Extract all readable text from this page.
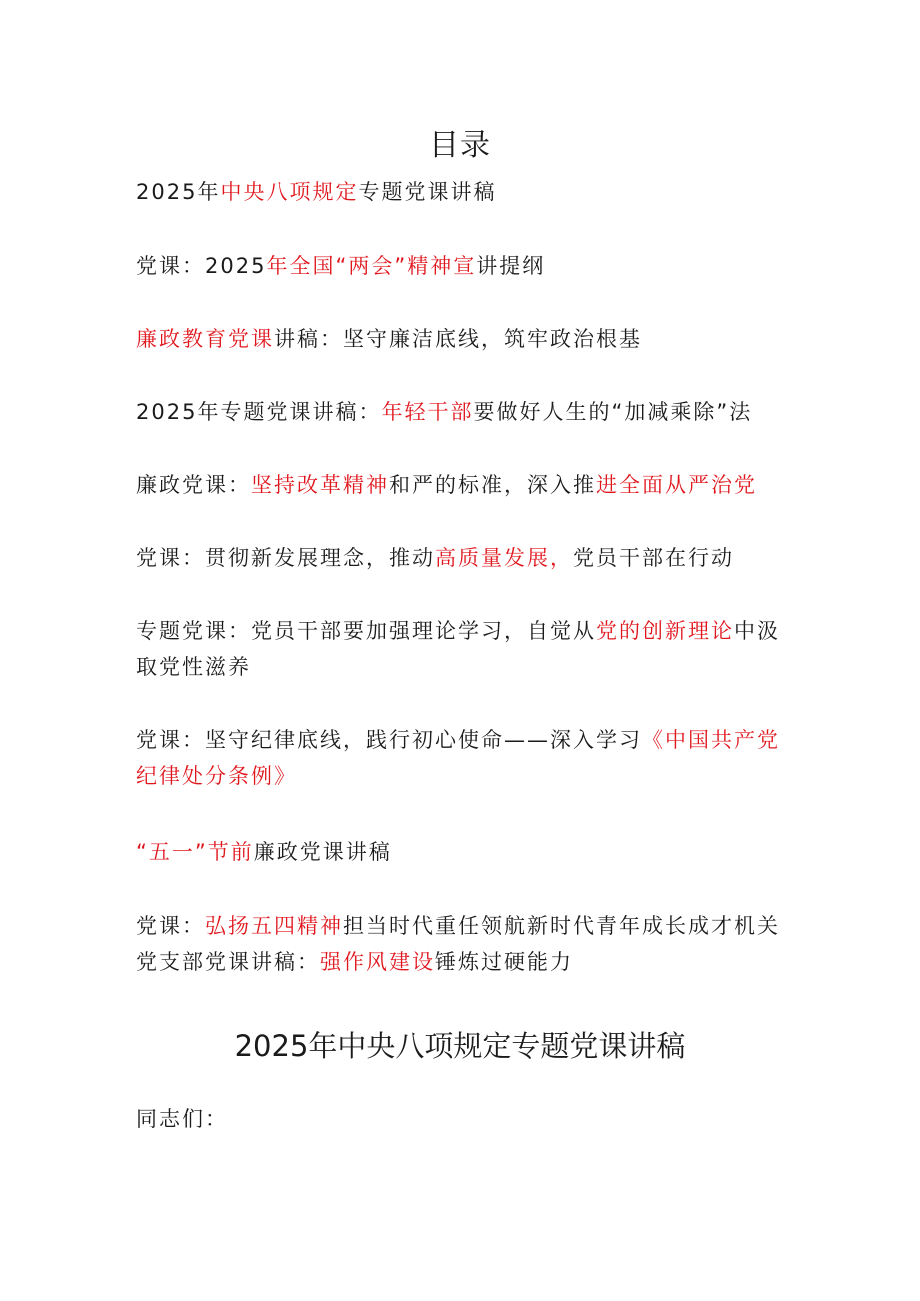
目录
2025年中央八项规定专题党课讲稿
党课：2025年全国“两会”精神宣讲提纲
廉政教育党课讲稿：坚守廉洁底线，筑牢政治根基
2025年专题党课讲稿：年轻干部要做好人生的“加减乘除”法
廉政党课：坚持改革精神和严的标准，深入推进全面从严治党
党课：贯彻新发展理念，推动高质量发展，党员干部在行动
专题党课：党员干部要加强理论学习，自觉从党的创新理论中汲取党性滋养
党课：坚守纪律底线，践行初心使命——深入学习《中国共产党纪律处分条例》
“五一”节前廉政党课讲稿
党课：弘扬五四精神担当时代重任领航新时代青年成长成才机关党支部党课讲稿：强作风建设锤炼过硬能力
2025年中央八项规定专题党课讲稿

同志们：
